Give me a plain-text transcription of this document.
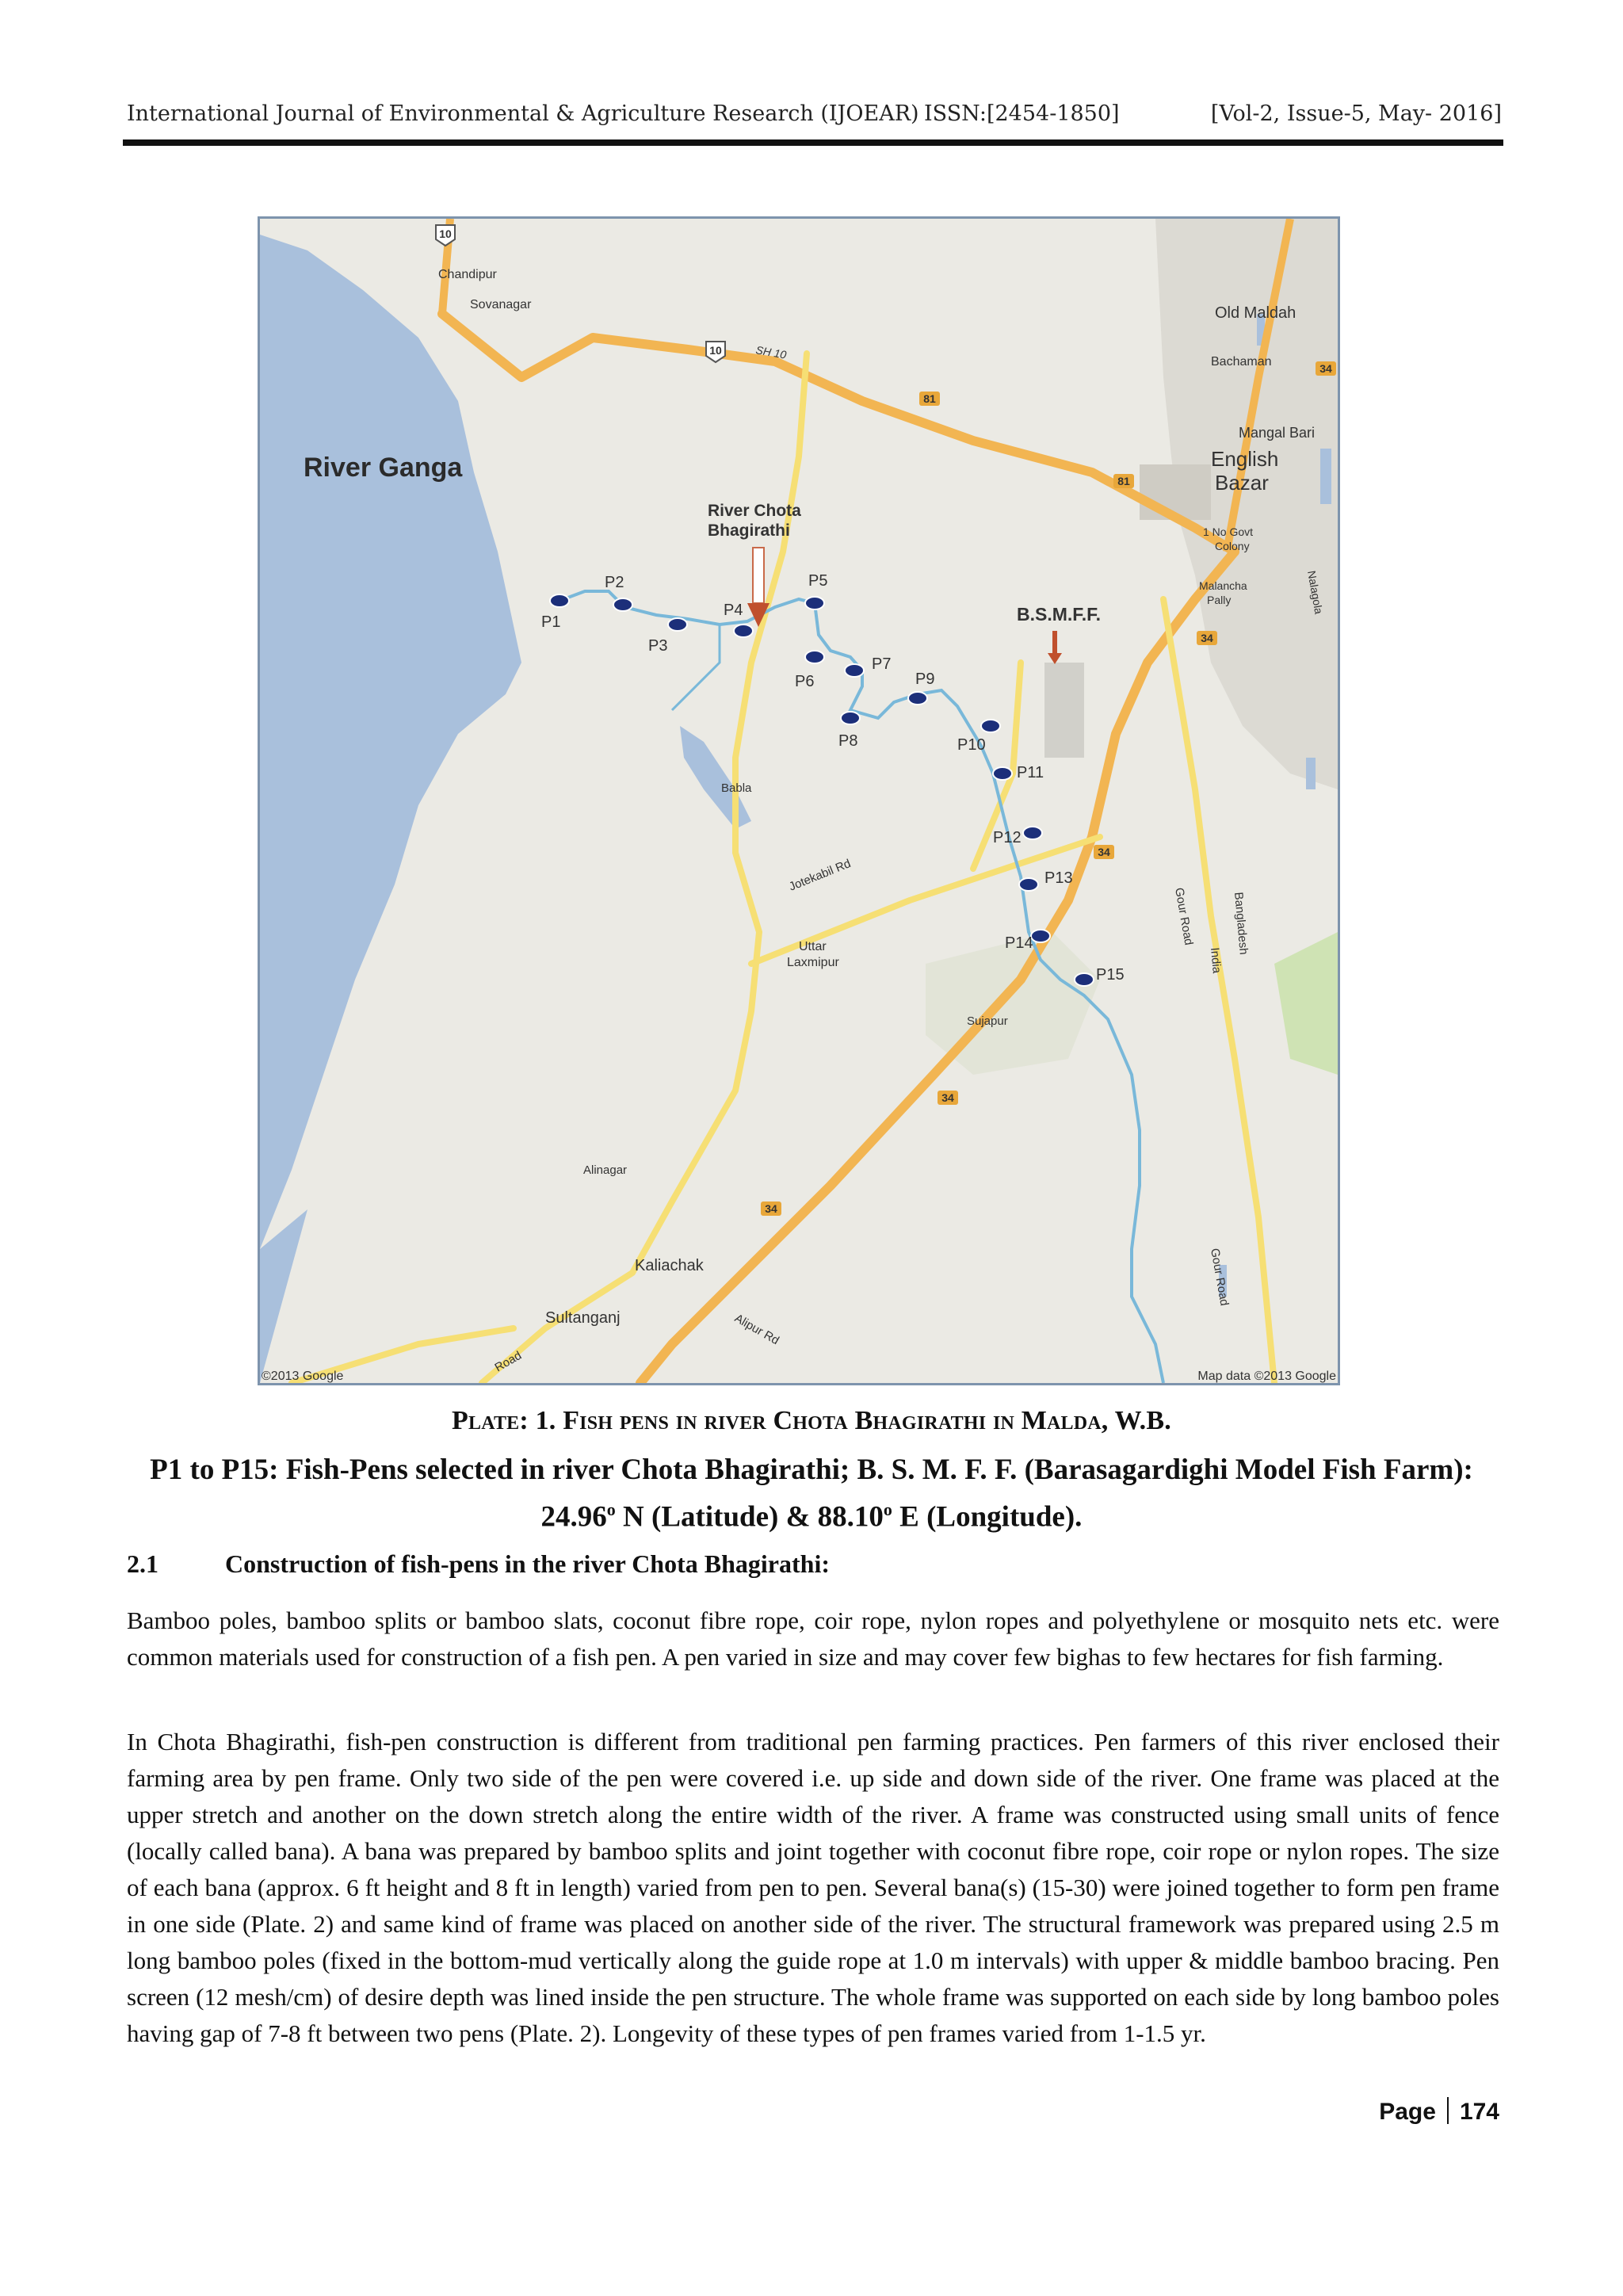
International Journal of Environmental & Agriculture Research (IJOEAR) ISSN:[2454-1850]	[Vol-2, Issue-5, May- 2016]
P1
P2
P3
P4
P5
P6
P7
P8
P9
P10
P11
P12
P13
P14
P15
10
10
81
81
34
34
34
34
34
River Ganga
River Chota
Bhagirathi
B.S.M.F.F.
Chandipur
Sovanagar	Old Maldah
Bachaman
Mangal Bari
English
Bazar
1 No Govt
Colony
Malancha
Pally	Nalagola
Babla
Jotekabil Rd
Uttar
Laxmipur
Sujapur
Gour Road
Gour Road
Bangladesh
India
Alinagar
Kaliachak
Sultanganj	Alipur Rd
Road
SH 10
©2013 Google	Map data ©2013 Google
Plate: 1. Fish pens in river Chota Bhagirathi in Malda, W.B.
P1 to P15: Fish-Pens selected in river Chota Bhagirathi; B. S. M. F. F. (Barasagardighi Model Fish Farm):
24.96$^o$ N (Latitude) & 88.10$^o$ E (Longitude).
2.1	Construction of fish-pens in the river Chota Bhagirathi:
Bamboo poles, bamboo splits or bamboo slats, coconut fibre rope, coir rope, nylon ropes and polyethylene or mosquito nets etc. were common materials used for construction of a fish pen. A pen varied in size and may cover few bighas to few hectares for fish farming.
In Chota Bhagirathi, fish-pen construction is different from traditional pen farming practices. Pen farmers of this river enclosed their farming area by pen frame. Only two side of the pen were covered i.e. up side and down side of the river. One frame was placed at the upper stretch and another on the down stretch along the entire width of the river. A frame was constructed using small units of fence (locally called bana). A bana was prepared by bamboo splits and joint together with coconut fibre rope, coir rope or nylon ropes. The size of each bana (approx. 6 ft height and 8 ft in length) varied from pen to pen. Several bana(s) (15-30) were joined together to form pen frame in one side (Plate. 2) and same kind of frame was placed on another side of the river. The structural framework was prepared using 2.5 m long bamboo poles (fixed in the bottom-mud vertically along the guide rope at 1.0 m intervals) with upper & middle bamboo bracing. Pen screen (12 mesh/cm) of desire depth was lined inside the pen structure. The whole frame was supported on each side by long bamboo poles having gap of 7-8 ft between two pens (Plate. 2). Longevity of these types of pen frames varied from 1-1.5 yr.
Page 174
